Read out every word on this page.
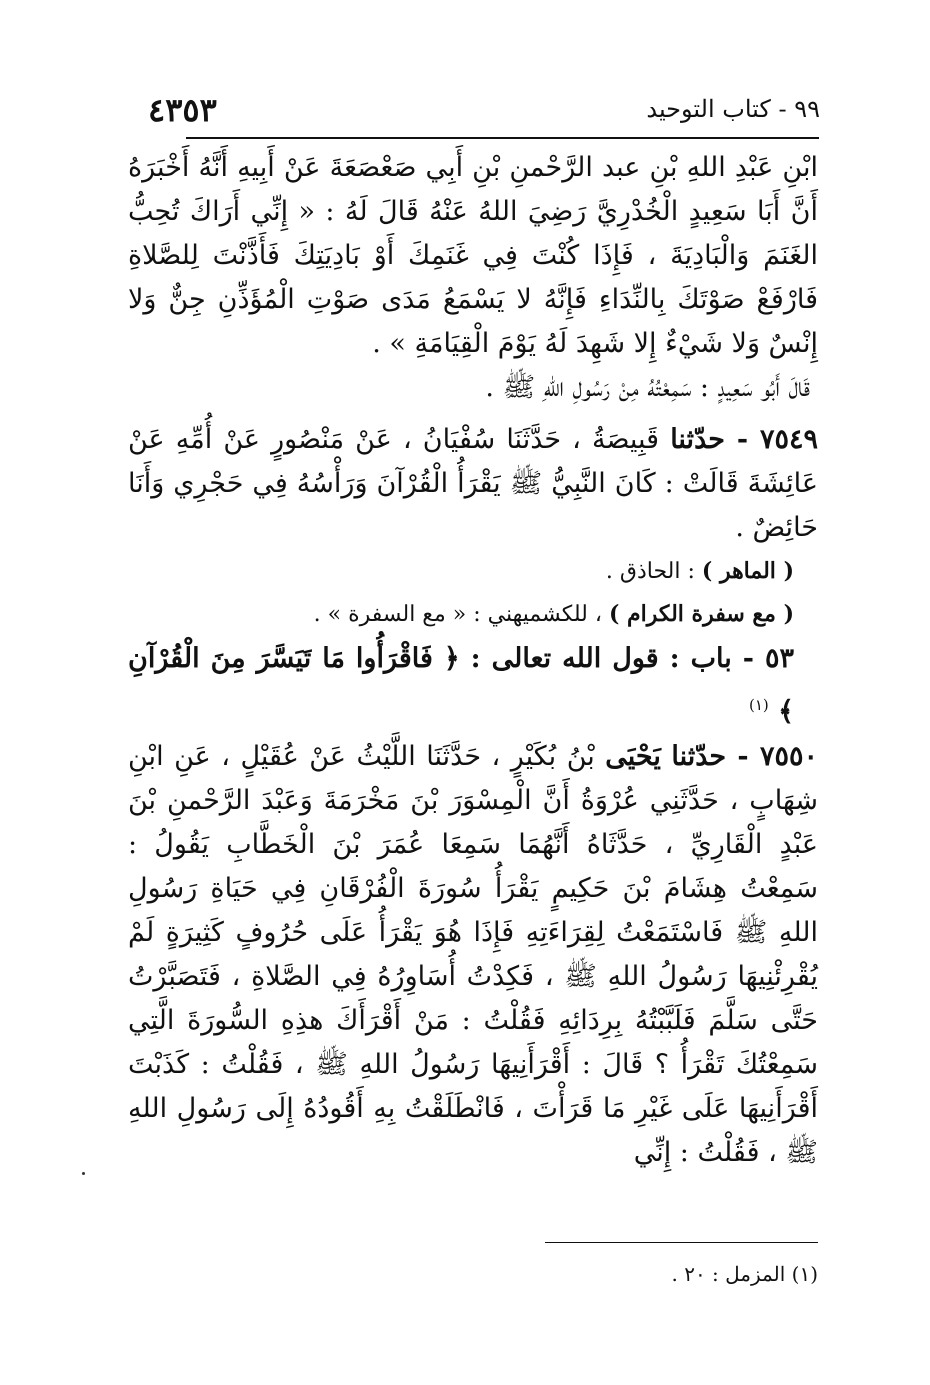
٩٩ - كتاب التوحيد
٤٣٥٣

ابْنِ عَبْدِ اللهِ بْنِ عبد الرَّحْمنِ بْنِ أَبِي صَعْصَعَةَ عَنْ أَبِيهِ أَنَّهُ أَخْبَرَهُ أَنَّ أَبَا سَعِيدٍ الْخُدْرِيَّ رَضِيَ اللهُ عَنْهُ قَالَ لَهُ : « إِنِّي أَرَاكَ تُحِبُّ الغَنَمَ وَالْبَادِيَةَ ، فَإِذَا كُنْتَ فِي غَنَمِكَ أَوْ بَادِيَتِكَ فَأَذَّنْتَ لِلصَّلاةِ فَارْفَعْ صَوْتَكَ بِالنِّدَاءِ فَإِنَّهُ لا يَسْمَعُ مَدَى صَوْتِ الْمُؤَذِّنِ جِنٌّ وَلا إِنْسٌ وَلا شَيْءٌ إِلا شَهِدَ لَهُ يَوْمَ الْقِيَامَةِ » .

قَالَ أَبُو سَعِيدٍ : سَمِعْتُهُ مِنْ رَسُولِ اللهِ ﷺ .

٧٥٤٩ - حدّثنا قَبِيصَةُ ، حَدَّثَنَا سُفْيَانُ ، عَنْ مَنْصُورٍ عَنْ أُمِّهِ عَنْ عَائِشَةَ قَالَتْ : كَانَ النَّبِيُّ ﷺ يَقْرَأُ الْقُرْآنَ وَرَأْسُهُ فِي حَجْرِي وَأَنَا حَائِضٌ .

( الماهر ) : الحاذق .

( مع سفرة الكرام ) ، للكشميهني : « مع السفرة » .

٥٣ - باب : قول الله تعالى : ﴿ فَاقْرَأُوا مَا تَيَسَّرَ مِنَ الْقُرْآنِ ﴾ $^{(١)}$

٧٥٥٠ - حدّثنا يَحْيَى بْنُ بُكَيْرٍ ، حَدَّثَنَا اللَّيْثُ عَنْ عُقَيْلٍ ، عَنِ ابْنِ شِهَابٍ ، حَدَّثَنِي عُرْوَةُ أَنَّ الْمِسْوَرَ بْنَ مَخْرَمَةَ وَعَبْدَ الرَّحْمنِ بْنَ عَبْدٍ الْقَارِيِّ ، حَدَّثَاهُ أَنَّهُمَا سَمِعَا عُمَرَ بْنَ الْخَطَّابِ يَقُولُ : سَمِعْتُ هِشَامَ بْنَ حَكِيمٍ يَقْرَأُ سُورَةَ الْفُرْقَانِ فِي حَيَاةِ رَسُولِ اللهِ ﷺ فَاسْتَمَعْتُ لِقِرَاءَتِهِ فَإِذَا هُوَ يَقْرَأُ عَلَى حُرُوفٍ كَثِيرَةٍ لَمْ يُقْرِئْنِيهَا رَسُولُ اللهِ ﷺ ، فَكِدْتُ أُسَاوِرُهُ فِي الصَّلاةِ ، فَتَصَبَّرْتُ حَتَّى سَلَّمَ فَلَبَّبْتُهُ بِرِدَائِهِ فَقُلْتُ : مَنْ أَقْرَأَكَ هذِهِ السُّورَةَ الَّتِي سَمِعْتُكَ تَقْرَأُ ؟ قَالَ : أَقْرَأَنِيهَا رَسُولُ اللهِ ﷺ ، فَقُلْتُ : كَذَبْتَ أَقْرَأَنِيهَا عَلَى غَيْرِ مَا قَرَأْتَ ، فَانْطَلَقْتُ بِهِ أَقُودُهُ إِلَى رَسُولِ اللهِ ﷺ ، فَقُلْتُ : إِنِّي

(١) المزمل : ٢٠ .
